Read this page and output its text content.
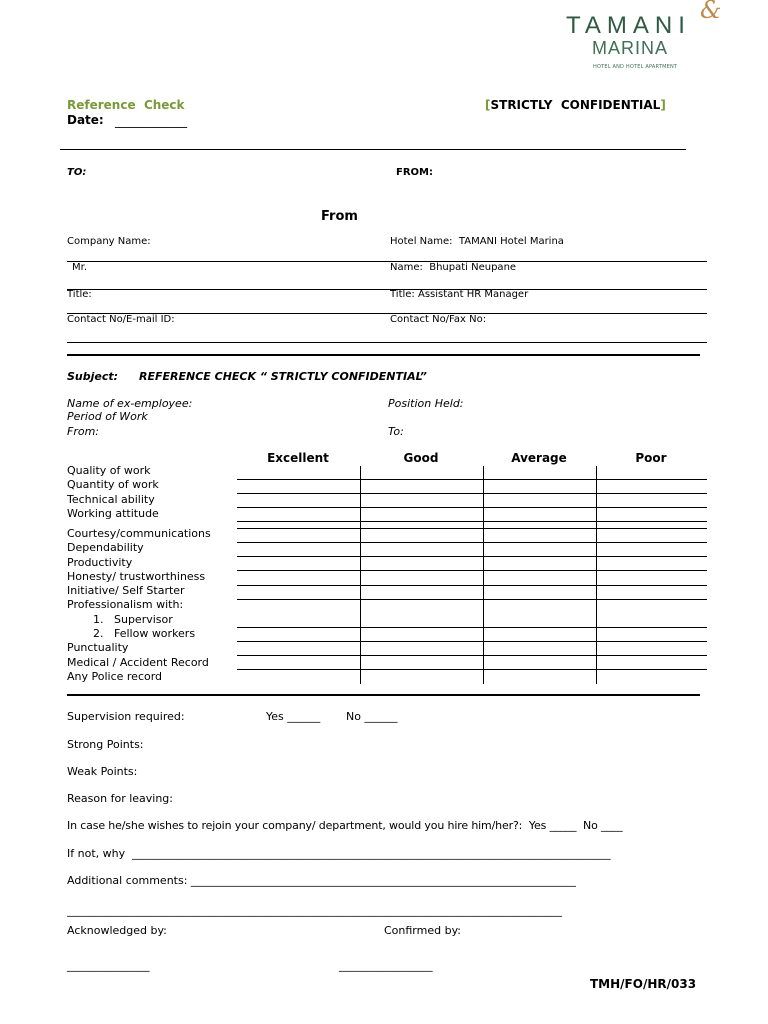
TAMANI
&
MARINA
HOTEL AND HOTEL APARTMENT
Reference  Check
Date: ____________
[STRICTLY  CONFIDENTIAL]
TO:	FROM:
From
Company Name:	Hotel Name:  TAMANI Hotel Marina
Mr.	Name:  Bhupati Neupane
Title:	Title: Assistant HR Manager
Contact No/E-mail ID:	Contact No/Fax No:
Subject: REFERENCE CHECK “ STRICTLY CONFIDENTIAL”
Name of ex-employee:	Position Held:
Period of Work
From:	To:
Excellent	Good	Average	Poor
Quality of work
Quantity of work
Technical ability
Working attitude
Courtesy/communications
Dependability
Productivity
Honesty/ trustworthiness
Initiative/ Self Starter
Professionalism with:
1.   Supervisor
2.   Fellow workers
Punctuality
Medical / Accident Record
Any Police record
Supervision required:	Yes ______ No ______
Strong Points:
Weak Points:
Reason for leaving:
In case he/she wishes to rejoin your company/ department, would you hire him/her?:  Yes _____  No ____
If not, why  _______________________________________________________________________________________
Additional comments: ______________________________________________________________________
__________________________________________________________________________________________
Acknowledged by:	Confirmed by:
_______________	_________________
TMH/FO/HR/033
